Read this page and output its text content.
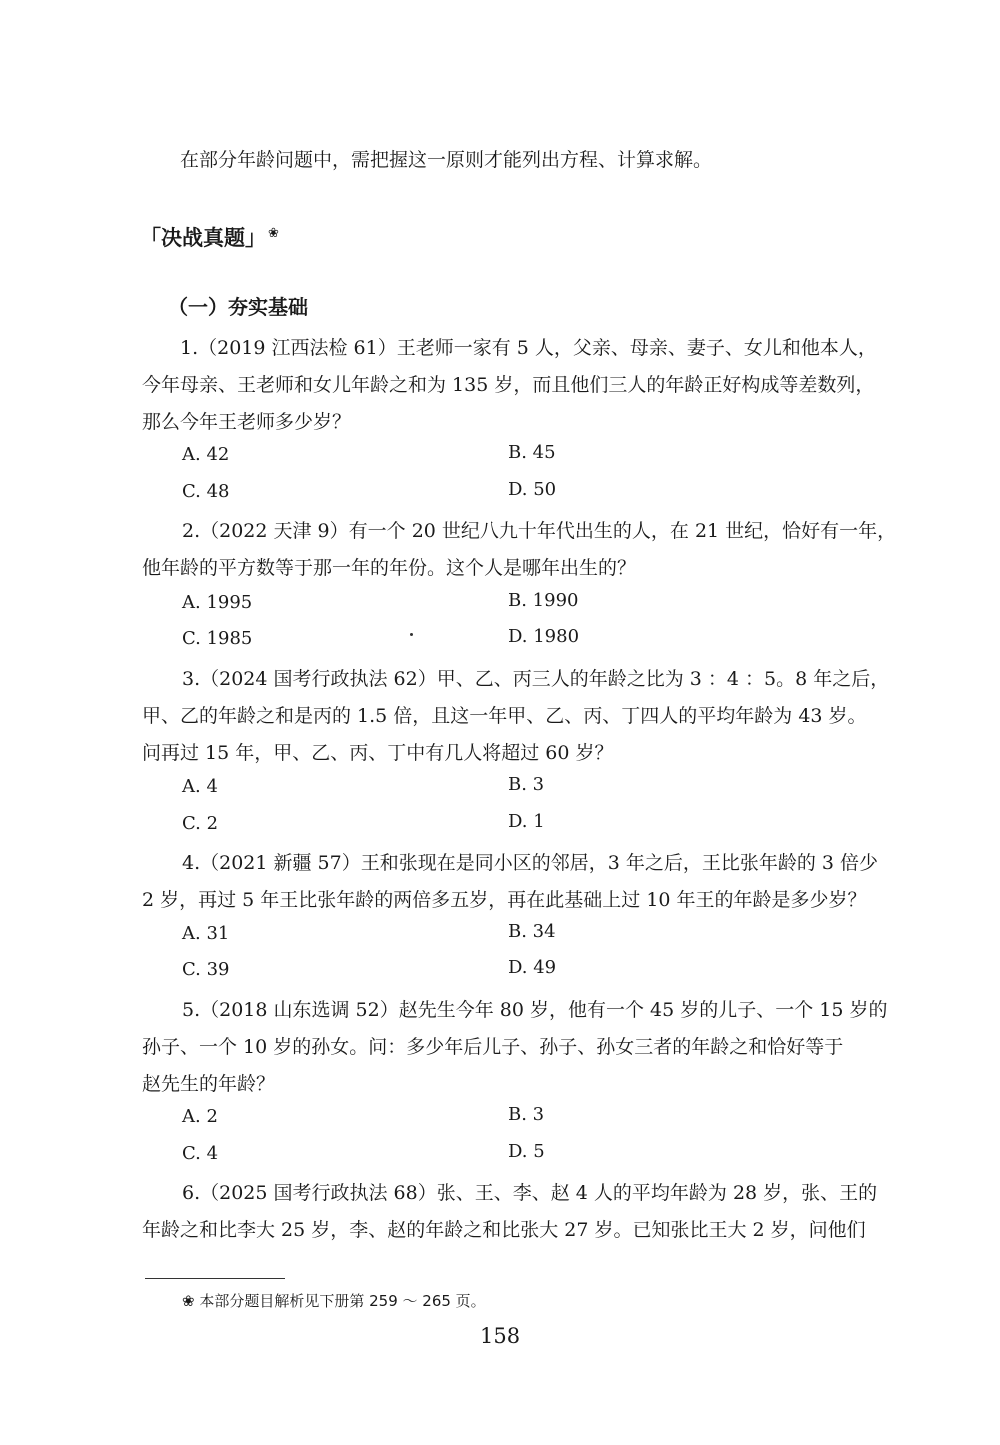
在部分年龄问题中，需把握这一原则才能列出方程、计算求解。
「决战真题」 ❀
（一）夯实基础
1.（2019 江西法检 61）王老师一家有 5 人，父亲、母亲、妻子、女儿和他本人，
今年母亲、王老师和女儿年龄之和为 135 岁，而且他们三人的年龄正好构成等差数列，
那么今年王老师多少岁？
A. 42	B. 45
C. 48	D. 50
2.（2022 天津 9）有一个 20 世纪八九十年代出生的人，在 21 世纪，恰好有一年，
他年龄的平方数等于那一年的年份。这个人是哪年出生的？
A. 1995	B. 1990
C. 1985	D. 1980
3.（2024 国考行政执法 62）甲、乙、丙三人的年龄之比为 3 ：4 ：5。8 年之后，
甲、乙的年龄之和是丙的 1.5 倍，且这一年甲、乙、丙、丁四人的平均年龄为 43 岁。
问再过 15 年，甲、乙、丙、丁中有几人将超过 60 岁？
A. 4	B. 3
C. 2	D. 1
4.（2021 新疆 57）王和张现在是同小区的邻居，3 年之后，王比张年龄的 3 倍少
2 岁，再过 5 年王比张年龄的两倍多五岁，再在此基础上过 10 年王的年龄是多少岁？
A. 31	B. 34
C. 39	D. 49
5.（2018 山东选调 52）赵先生今年 80 岁，他有一个 45 岁的儿子、一个 15 岁的
孙子、一个 10 岁的孙女。问：多少年后儿子、孙子、孙女三者的年龄之和恰好等于
赵先生的年龄？
A. 2	B. 3
C. 4	D. 5
6.（2025 国考行政执法 68）张、王、李、赵 4 人的平均年龄为 28 岁，张、王的
年龄之和比李大 25 岁，李、赵的年龄之和比张大 27 岁。已知张比王大 2 岁，问他们
❀ 本部分题目解析见下册第 259 ～ 265 页。
158
